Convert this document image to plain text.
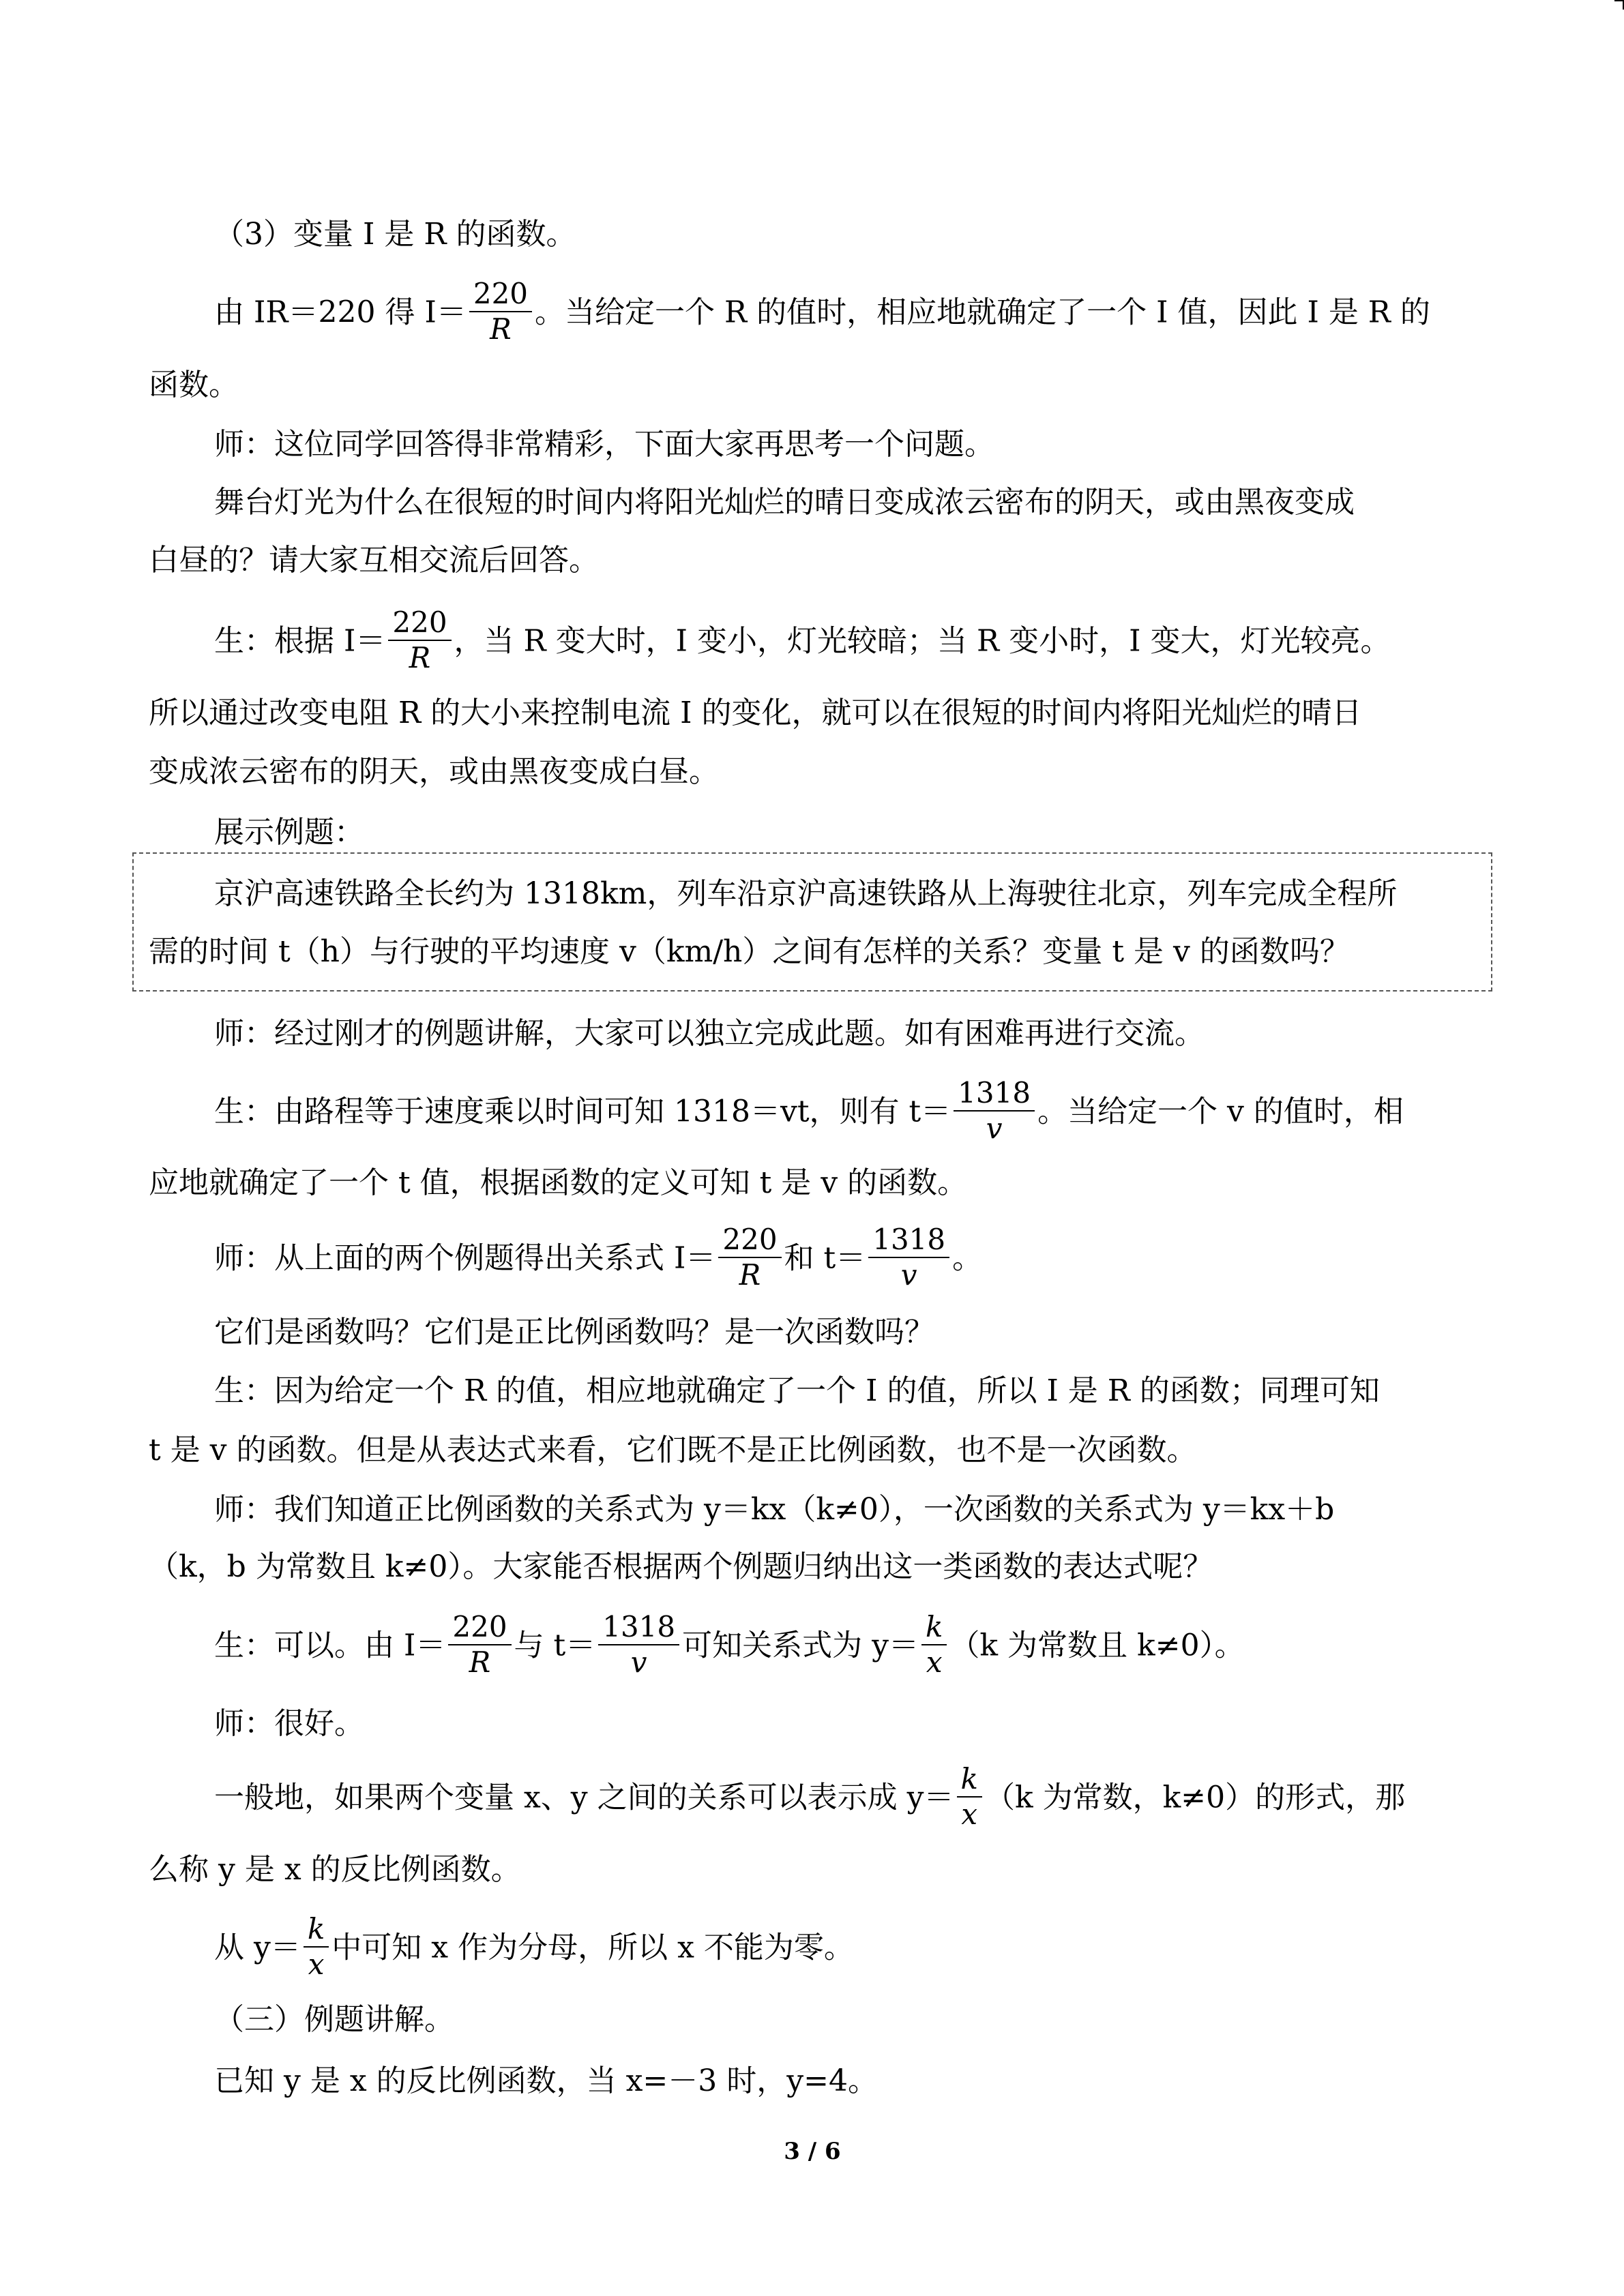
（3）变量 I 是 R 的函数。
由 IR＝220 得 $I= \frac{220}{R}$ 。当给定一个 R 的值时，相应地就确定了一个 I 值，因此 I 是 R 的
函数。
师：这位同学回答得非常精彩，下面大家再思考一个问题。
舞台灯光为什么在很短的时间内将阳光灿烂的晴日变成浓云密布的阴天，或由黑夜变成
白昼的？请大家互相交流后回答。
生：根据 $I= \frac{220}{R}$ ，当 R 变大时，I 变小，灯光较暗；当 R 变小时，I 变大，灯光较亮。
所以通过改变电阻 R 的大小来控制电流 I 的变化，就可以在很短的时间内将阳光灿烂的晴日
变成浓云密布的阴天，或由黑夜变成白昼。
展示例题：
京沪高速铁路全长约为 1318km，列车沿京沪高速铁路从上海驶往北京，列车完成全程所
需的时间 t（h）与行驶的平均速度 v（km/h）之间有怎样的关系？变量 t 是 v 的函数吗？
师：经过刚才的例题讲解，大家可以独立完成此题。如有困难再进行交流。
生：由路程等于速度乘以时间可知 1318＝vt，则有 $t= \frac{1318}{v}$ 。当给定一个 v 的值时，相
应地就确定了一个 t 值，根据函数的定义可知 t 是 v 的函数。
师：从上面的两个例题得出关系式 $I= \frac{220}{R}$ 和 $t= \frac{1318}{v}$ 。
它们是函数吗？它们是正比例函数吗？是一次函数吗？
生：因为给定一个 R 的值，相应地就确定了一个 I 的值，所以 I 是 R 的函数；同理可知
t 是 v 的函数。但是从表达式来看，它们既不是正比例函数，也不是一次函数。
师：我们知道正比例函数的关系式为 y＝kx（k≠0），一次函数的关系式为 y＝kx＋b
（k，b 为常数且 k≠0）。大家能否根据两个例题归纳出这一类函数的表达式呢？
生：可以。由 $I= \frac{220}{R}$ 与 $t= \frac{1318}{v}$ 可知关系式为 $y= \frac{k}{x} (k$ 为常数且 k≠0）。
师：很好。
一般地，如果两个变量 x、y 之间的关系可以表示成 $y= \frac{k}{x} (k$ 为常数，k≠0）的形式，那
么称 y 是 x 的反比例函数。
从 $y= \frac{k}{x}$ 中可知 x 作为分母，所以 x 不能为零。
（三）例题讲解。
已知 y 是 x 的反比例函数，当 x=－3 时，y=4。
3 / 6
